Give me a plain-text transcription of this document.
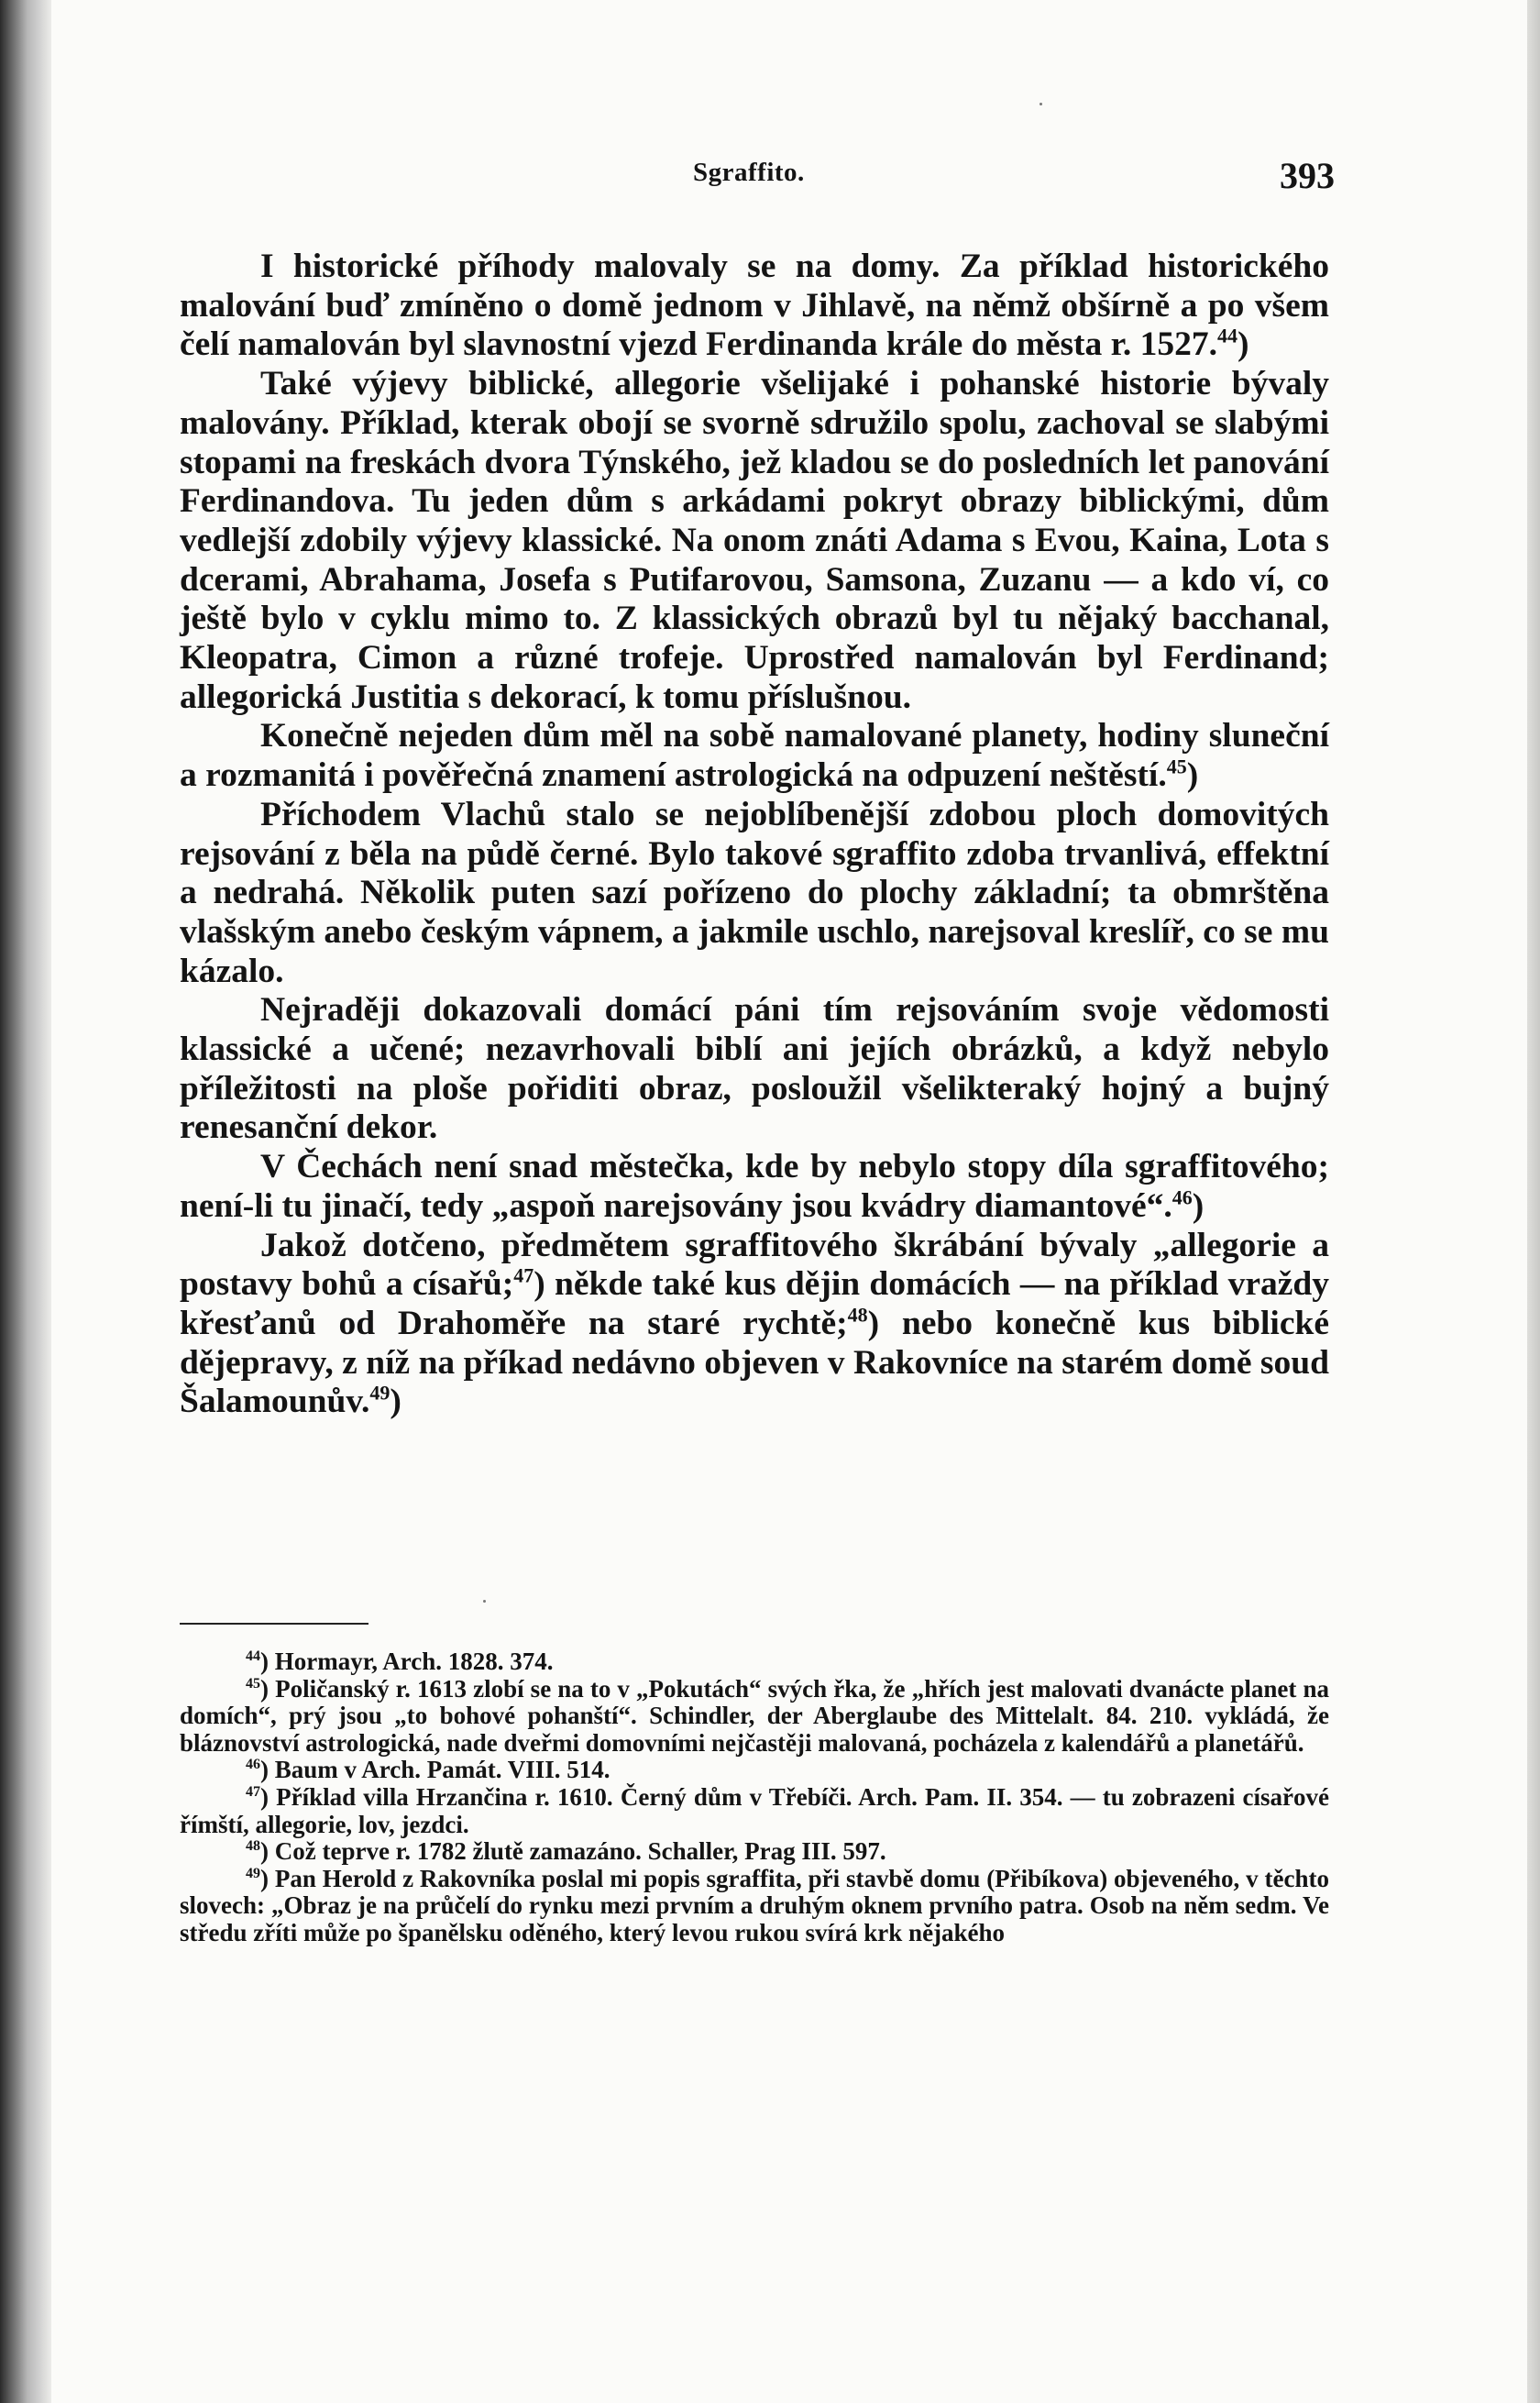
Sgraffito.	393

I historické příhody malovaly se na domy. Za příklad historického malování buď zmíněno o domě jednom v Jihlavě, na němž obšírně a po všem čelí namalován byl slavnostní vjezd Ferdinanda krále do města r. 1527.44)

Také výjevy biblické, allegorie všelijaké i pohanské historie bývaly malovány. Příklad, kterak obojí se svorně sdružilo spolu, zachoval se slabými stopami na freskách dvora Týnského, jež kladou se do posledních let panování Ferdinandova. Tu jeden dům s arkádami pokryt obrazy biblickými, dům vedlejší zdobily výjevy klassické. Na onom znáti Adama s Evou, Kaina, Lota s dcerami, Abrahama, Josefa s Putifarovou, Samsona, Zuzanu — a kdo ví, co ještě bylo v cyklu mimo to. Z klassických obrazů byl tu nějaký bacchanal, Kleopatra, Cimon a různé trofeje. Uprostřed namalován byl Ferdinand; allegorická Justitia s dekorací, k tomu příslušnou.

Konečně nejeden dům měl na sobě namalované planety, hodiny sluneční a rozmanitá i pověřečná znamení astrologická na odpuzení neštěstí.$^{45}$)

Příchodem Vlachů stalo se nejoblíbenější zdobou ploch domovitých rejsování z běla na půdě černé. Bylo takové sgraffito zdoba trvanlivá, effektní a nedrahá. Několik puten sazí pořízeno do plochy základní; ta obmrštěna vlašským anebo českým vápnem, a jakmile uschlo, narejsoval kreslíř, co se mu kázalo.

Nejraději dokazovali domácí páni tím rejsováním svoje vědomosti klassické a učené; nezavrhovali biblí ani jejích obrázků, a když nebylo příležitosti na ploše pořiditi obraz, posloužil všelikteraký hojný a bujný renesanční dekor.

V Čechách není snad městečka, kde by nebylo stopy díla sgraffitového; není-li tu jinačí, tedy „aspoň narejsovány jsou kvádry diamantové“.$^{46}$)

Jakož dotčeno, předmětem sgraffitového škrábání bývaly „allegorie a postavy bohů a císařů;$^{47}$) někde také kus dějin domácích — na příklad vraždy křesťanů od Drahoměře na staré rychtě;$^{48}$) nebo konečně kus biblické dějepravy, z níž na příkad nedávno objeven v Rakovníce na starém domě soud Šalamounův.$^{49}$)

$^{44}$) Hormayr, Arch. 1828. 374.

$^{45}$) Poličanský r. 1613 zlobí se na to v „Pokutách“ svých řka, že „hřích jest malovati dvanácte planet na domích“, prý jsou „to bohové pohanští“. Schindler, der Aberglaube des Mittelalt. 84. 210. vykládá, že bláznovství astrologická, nade dveřmi domovními nejčastěji malovaná, pocházela z kalendářů a planetářů.

$^{46}$) Baum v Arch. Památ. VIII. 514.

$^{47}$) Příklad villa Hrzančina r. 1610. Černý dům v Třebíči. Arch. Pam. II. 354. — tu zobrazeni císařové římští, allegorie, lov, jezdci.

$^{48}$) Což teprve r. 1782 žlutě zamazáno. Schaller, Prag III. 597.

$^{49}$) Pan Herold z Rakovníka poslal mi popis sgraffita, při stavbě domu (Přibíkova) objeveného, v těchto slovech: „Obraz je na průčelí do rynku mezi prvním a druhým oknem prvního patra. Osob na něm sedm. Ve středu zříti může po španělsku oděného, který levou rukou svírá krk nějakého
